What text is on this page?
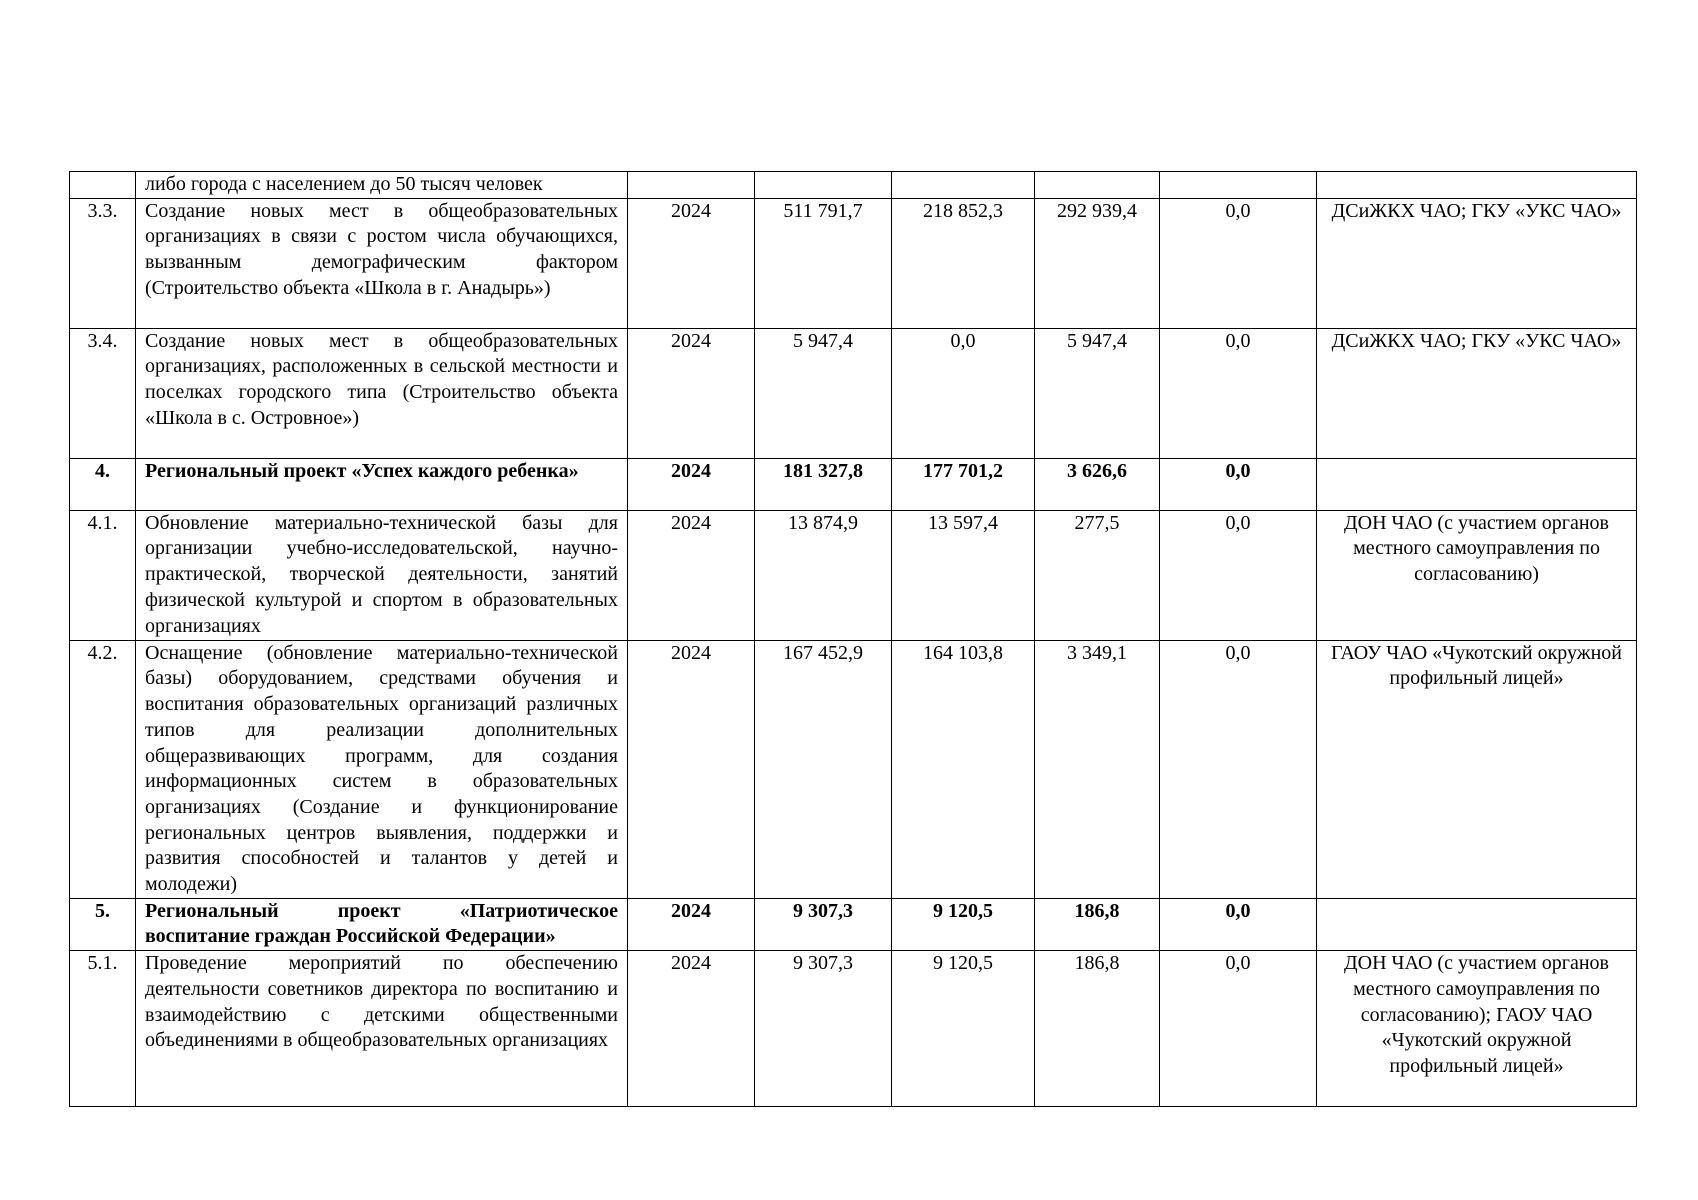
	либо города с населением до 50 тысяч человек						
3.3.	Создание новых мест в общеобразовательных организациях в связи с ростом числа обучающихся, вызванным демографическим фактором (Строительство объекта «Школа в г. Анадырь»)	2024	511 791,7	218 852,3	292 939,4	0,0	ДСиЖКХ ЧАО; ГКУ «УКС ЧАО»
3.4.	Создание новых мест в общеобразовательных организациях, расположенных в сельской местности и поселках городского типа (Строительство объекта «Школа в с. Островное»)	2024	5 947,4	0,0	5 947,4	0,0	ДСиЖКХ ЧАО; ГКУ «УКС ЧАО»
4.	Региональный проект «Успех каждого ребенка»	2024	181 327,8	177 701,2	3 626,6	0,0	
4.1.	Обновление материально-технической базы для организации учебно-исследовательской, научно-практической, творческой деятельности, занятий физической культурой и спортом в образовательных организациях	2024	13 874,9	13 597,4	277,5	0,0	ДОН ЧАО (с участием органов местного самоуправления по согласованию)
4.2.	Оснащение (обновление материально-технической базы) оборудованием, средствами обучения и воспитания образовательных организаций различных типов для реализации дополнительных общеразвивающих программ, для создания информационных систем в образовательных организациях (Создание и функционирование региональных центров выявления, поддержки и развития способностей и талантов у детей и молодежи)	2024	167 452,9	164 103,8	3 349,1	0,0	ГАОУ ЧАО «Чукотский окружной профильный лицей»
5.	Региональный проект «Патриотическое воспитание граждан Российской Федерации»	2024	9 307,3	9 120,5	186,8	0,0	
5.1.	Проведение мероприятий по обеспечению деятельности советников директора по воспитанию и взаимодействию с детскими общественными объединениями в общеобразовательных организациях	2024	9 307,3	9 120,5	186,8	0,0	ДОН ЧАО (с участием органов местного самоуправления по согласованию); ГАОУ ЧАО «Чукотский окружной профильный лицей»
